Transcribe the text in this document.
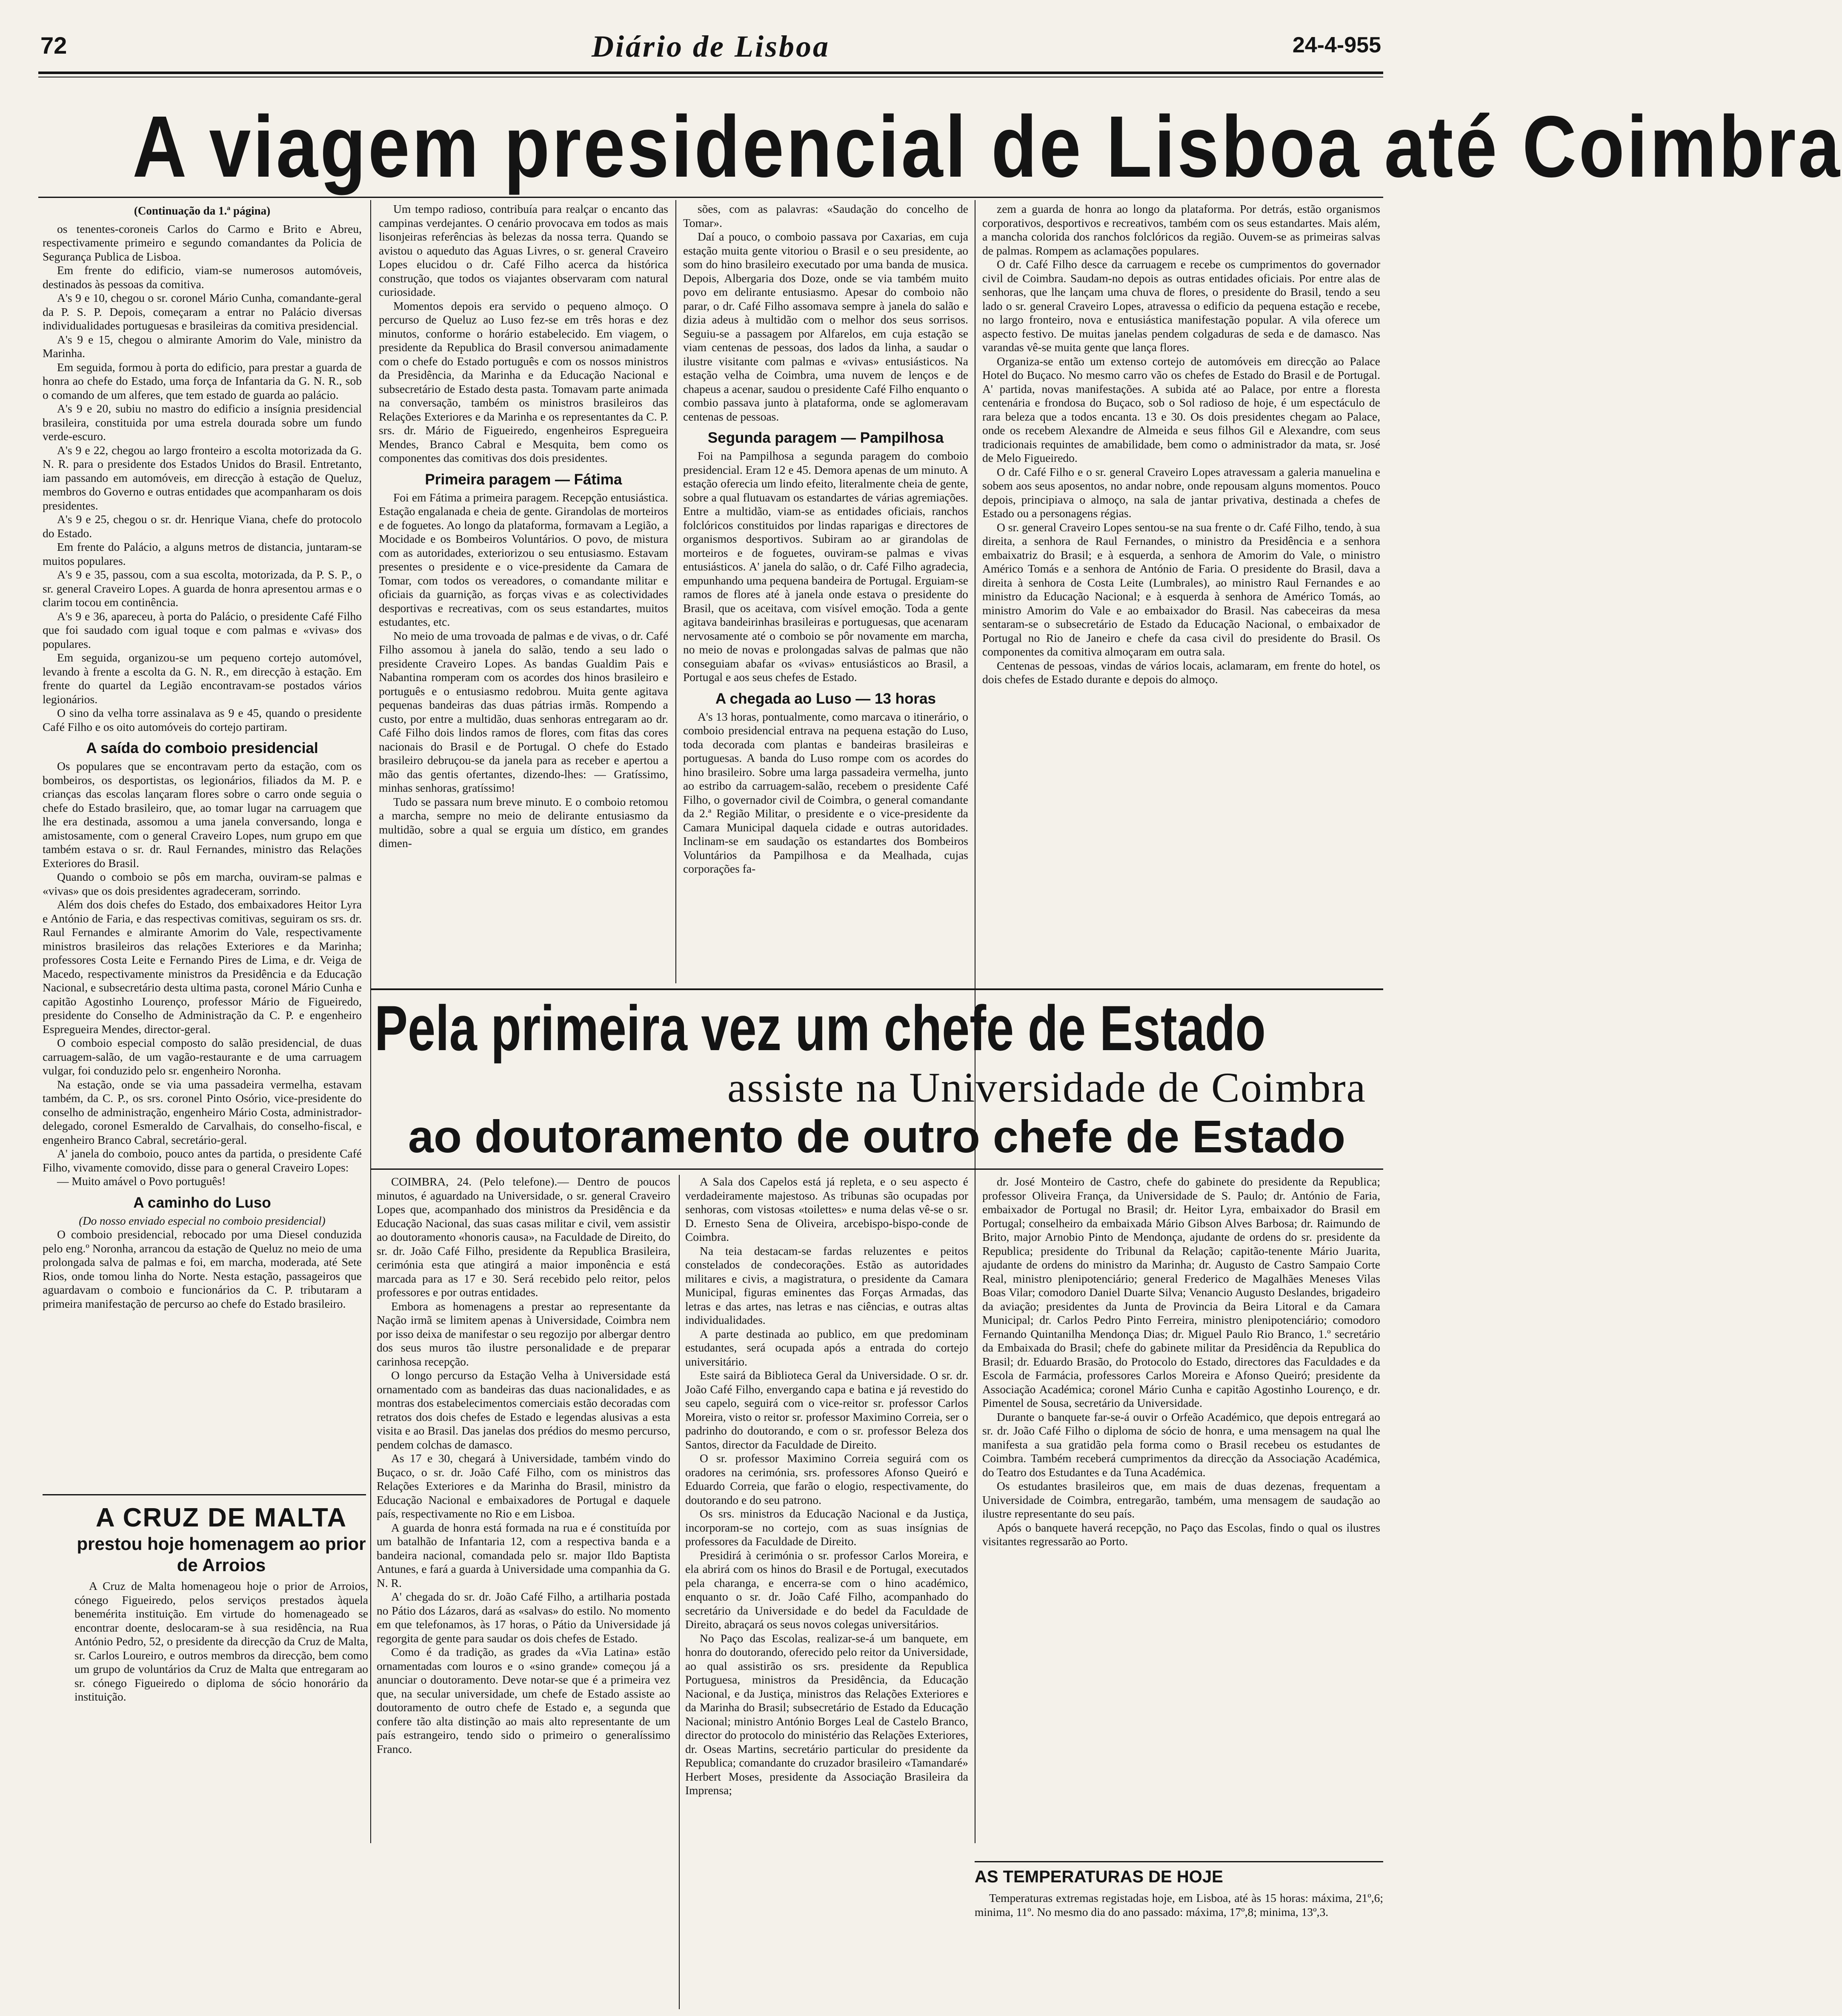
72	Diário de Lisboa	24-4-955
A viagem presidencial de Lisboa até Coimbra

(Continuação da 1.ª página)

os tenentes-coroneis Carlos do Carmo e Brito e Abreu, respectivamente primeiro e segundo comandantes da Policia de Segurança Publica de Lisboa.

Em frente do edificio, viam-se numerosos automóveis, destinados às pessoas da comitiva.

A's 9 e 10, chegou o sr. coronel Mário Cunha, comandante-geral da P. S. P. Depois, começaram a entrar no Palácio diversas individualidades portuguesas e brasileiras da comitiva presidencial.

A's 9 e 15, chegou o almirante Amorim do Vale, ministro da Marinha.

Em seguida, formou à porta do edificio, para prestar a guarda de honra ao chefe do Estado, uma força de Infantaria da G. N. R., sob o comando de um alferes, que tem estado de guarda ao palácio.

A's 9 e 20, subiu no mastro do edificio a insígnia presidencial brasileira, constituida por uma estrela dourada sobre um fundo verde-escuro.

A's 9 e 22, chegou ao largo fronteiro a escolta motorizada da G. N. R. para o presidente dos Estados Unidos do Brasil. Entretanto, iam passando em automóveis, em direcção à estação de Queluz, membros do Governo e outras entidades que acompanharam os dois presidentes.

A's 9 e 25, chegou o sr. dr. Henrique Viana, chefe do protocolo do Estado.

Em frente do Palácio, a alguns metros de distancia, juntaram-se muitos populares.

A's 9 e 35, passou, com a sua escolta, motorizada, da P. S. P., o sr. general Craveiro Lopes. A guarda de honra apresentou armas e o clarim tocou em continência.

A's 9 e 36, apareceu, à porta do Palácio, o presidente Café Filho que foi saudado com igual toque e com palmas e «vivas» dos populares.

Em seguida, organizou-se um pequeno cortejo automóvel, levando à frente a escolta da G. N. R., em direcção à estação. Em frente do quartel da Legião encontravam-se postados vários legionários.

O sino da velha torre assinalava as 9 e 45, quando o presidente Café Filho e os oito automóveis do cortejo partiram.

A saída do comboio presidencial

Os populares que se encontravam perto da estação, com os bombeiros, os desportistas, os legionários, filiados da M. P. e crianças das escolas lançaram flores sobre o carro onde seguia o chefe do Estado brasileiro, que, ao tomar lugar na carruagem que lhe era destinada, assomou a uma janela conversando, longa e amistosamente, com o general Craveiro Lopes, num grupo em que também estava o sr. dr. Raul Fernandes, ministro das Relações Exteriores do Brasil.

Quando o comboio se pôs em marcha, ouviram-se palmas e «vivas» que os dois presidentes agradeceram, sorrindo.

Além dos dois chefes do Estado, dos embaixadores Heitor Lyra e António de Faria, e das respectivas comitivas, seguiram os srs. dr. Raul Fernandes e almirante Amorim do Vale, respectivamente ministros brasileiros das relações Exteriores e da Marinha; professores Costa Leite e Fernando Pires de Lima, e dr. Veiga de Macedo, respectivamente ministros da Presidência e da Educação Nacional, e subsecretário desta ultima pasta, coronel Mário Cunha e capitão Agostinho Lourenço, professor Mário de Figueiredo, presidente do Conselho de Administração da C. P. e engenheiro Espregueira Mendes, director-geral.

O comboio especial composto do salão presidencial, de duas carruagem-salão, de um vagão-restaurante e de uma carruagem vulgar, foi conduzido pelo sr. engenheiro Noronha.

Na estação, onde se via uma passadeira vermelha, estavam também, da C. P., os srs. coronel Pinto Osório, vice-presidente do conselho de administração, engenheiro Mário Costa, administrador-delegado, coronel Esmeraldo de Carvalhais, do conselho-fiscal, e engenheiro Branco Cabral, secretário-geral.

A' janela do comboio, pouco antes da partida, o presidente Café Filho, vivamente comovido, disse para o general Craveiro Lopes:

— Muito amável o Povo português!

A caminho do Luso

(Do nosso enviado especial no comboio presidencial)

O comboio presidencial, rebocado por uma Diesel conduzida pelo eng.º Noronha, arrancou da estação de Queluz no meio de uma prolongada salva de palmas e foi, em marcha, moderada, até Sete Rios, onde tomou linha do Norte. Nesta estação, passageiros que aguardavam o comboio e funcionários da C. P. tributaram a primeira manifestação de percurso ao chefe do Estado brasileiro.

A CRUZ DE MALTA
prestou hoje homenagem ao prior de Arroios

A Cruz de Malta homenageou hoje o prior de Arroios, cónego Figueiredo, pelos serviços prestados àquela benemérita instituição. Em virtude do homenageado se encontrar doente, deslocaram-se à sua residência, na Rua António Pedro, 52, o presidente da direcção da Cruz de Malta, sr. Carlos Loureiro, e outros membros da direcção, bem como um grupo de voluntários da Cruz de Malta que entregaram ao sr. cónego Figueiredo o diploma de sócio honorário da instituição.

Um tempo radioso, contribuía para realçar o encanto das campinas verdejantes. O cenário provocava em todos as mais lisonjeiras referências às belezas da nossa terra. Quando se avistou o aqueduto das Aguas Livres, o sr. general Craveiro Lopes elucidou o dr. Café Filho acerca da histórica construção, que todos os viajantes observaram com natural curiosidade.

Momentos depois era servido o pequeno almoço. O percurso de Queluz ao Luso fez-se em três horas e dez minutos, conforme o horário estabelecido. Em viagem, o presidente da Republica do Brasil conversou animadamente com o chefe do Estado português e com os nossos ministros da Presidência, da Marinha e da Educação Nacional e subsecretário de Estado desta pasta. Tomavam parte animada na conversação, também os ministros brasileiros das Relações Exteriores e da Marinha e os representantes da C. P. srs. dr. Mário de Figueiredo, engenheiros Espregueira Mendes, Branco Cabral e Mesquita, bem como os componentes das comitivas dos dois presidentes.

Primeira paragem — Fátima

Foi em Fátima a primeira paragem. Recepção entusiástica. Estação engalanada e cheia de gente. Girandolas de morteiros e de foguetes. Ao longo da plataforma, formavam a Legião, a Mocidade e os Bombeiros Voluntários. O povo, de mistura com as autoridades, exteriorizou o seu entusiasmo. Estavam presentes o presidente e o vice-presidente da Camara de Tomar, com todos os vereadores, o comandante militar e oficiais da guarnição, as forças vivas e as colectividades desportivas e recreativas, com os seus estandartes, muitos estudantes, etc.

No meio de uma trovoada de palmas e de vivas, o dr. Café Filho assomou à janela do salão, tendo a seu lado o presidente Craveiro Lopes. As bandas Gualdim Pais e Nabantina romperam com os acordes dos hinos brasileiro e português e o entusiasmo redobrou. Muita gente agitava pequenas bandeiras das duas pátrias irmãs. Rompendo a custo, por entre a multidão, duas senhoras entregaram ao dr. Café Filho dois lindos ramos de flores, com fitas das cores nacionais do Brasil e de Portugal. O chefe do Estado brasileiro debruçou-se da janela para as receber e apertou a mão das gentis ofertantes, dizendo-lhes: — Gratíssimo, minhas senhoras, gratíssimo!

Tudo se passara num breve minuto. E o comboio retomou a marcha, sempre no meio de delirante entusiasmo da multidão, sobre a qual se erguia um dístico, em grandes dimen-

sões, com as palavras: «Saudação do concelho de Tomar».

Daí a pouco, o comboio passava por Caxarias, em cuja estação muita gente vitoriou o Brasil e o seu presidente, ao som do hino brasileiro executado por uma banda de musica. Depois, Albergaria dos Doze, onde se via também muito povo em delirante entusiasmo. Apesar do comboio não parar, o dr. Café Filho assomava sempre à janela do salão e dizia adeus à multidão com o melhor dos seus sorrisos. Seguiu-se a passagem por Alfarelos, em cuja estação se viam centenas de pessoas, dos lados da linha, a saudar o ilustre visitante com palmas e «vivas» entusiásticos. Na estação velha de Coimbra, uma nuvem de lenços e de chapeus a acenar, saudou o presidente Café Filho enquanto o combio passava junto à plataforma, onde se aglomeravam centenas de pessoas.

Segunda paragem — Pampilhosa

Foi na Pampilhosa a segunda paragem do comboio presidencial. Eram 12 e 45. Demora apenas de um minuto. A estação oferecia um lindo efeito, literalmente cheia de gente, sobre a qual flutuavam os estandartes de várias agremiações. Entre a multidão, viam-se as entidades oficiais, ranchos folclóricos constituidos por lindas raparigas e directores de organismos desportivos. Subiram ao ar girandolas de morteiros e de foguetes, ouviram-se palmas e vivas entusiásticos. A' janela do salão, o dr. Café Filho agradecia, empunhando uma pequena bandeira de Portugal. Erguiam-se ramos de flores até à janela onde estava o presidente do Brasil, que os aceitava, com visível emoção. Toda a gente agitava bandeirinhas brasileiras e portuguesas, que acenaram nervosamente até o comboio se pôr novamente em marcha, no meio de novas e prolongadas salvas de palmas que não conseguiam abafar os «vivas» entusiásticos ao Brasil, a Portugal e aos seus chefes de Estado.

A chegada ao Luso — 13 horas

A's 13 horas, pontualmente, como marcava o itinerário, o comboio presidencial entrava na pequena estação do Luso, toda decorada com plantas e bandeiras brasileiras e portuguesas. A banda do Luso rompe com os acordes do hino brasileiro. Sobre uma larga passadeira vermelha, junto ao estribo da carruagem-salão, recebem o presidente Café Filho, o governador civil de Coimbra, o general comandante da 2.ª Região Militar, o presidente e o vice-presidente da Camara Municipal daquela cidade e outras autoridades. Inclinam-se em saudação os estandartes dos Bombeiros Voluntários da Pampilhosa e da Mealhada, cujas corporações fa-

zem a guarda de honra ao longo da plataforma. Por detrás, estão organismos corporativos, desportivos e recreativos, também com os seus estandartes. Mais além, a mancha colorida dos ranchos folclóricos da região. Ouvem-se as primeiras salvas de palmas. Rompem as aclamações populares.

O dr. Café Filho desce da carruagem e recebe os cumprimentos do governador civil de Coimbra. Saudam-no depois as outras entidades oficiais. Por entre alas de senhoras, que lhe lançam uma chuva de flores, o presidente do Brasil, tendo a seu lado o sr. general Craveiro Lopes, atravessa o edificio da pequena estação e recebe, no largo fronteiro, nova e entusiástica manifestação popular. A vila oferece um aspecto festivo. De muitas janelas pendem colgaduras de seda e de damasco. Nas varandas vê-se muita gente que lança flores.

Organiza-se então um extenso cortejo de automóveis em direcção ao Palace Hotel do Buçaco. No mesmo carro vão os chefes de Estado do Brasil e de Portugal. A' partida, novas manifestações. A subida até ao Palace, por entre a floresta centenária e frondosa do Buçaco, sob o Sol radioso de hoje, é um espectáculo de rara beleza que a todos encanta. 13 e 30. Os dois presidentes chegam ao Palace, onde os recebem Alexandre de Almeida e seus filhos Gil e Alexandre, com seus tradicionais requintes de amabilidade, bem como o administrador da mata, sr. José de Melo Figueiredo.

O dr. Café Filho e o sr. general Craveiro Lopes atravessam a galeria manuelina e sobem aos seus aposentos, no andar nobre, onde repousam alguns momentos. Pouco depois, principiava o almoço, na sala de jantar privativa, destinada a chefes de Estado ou a personagens régias.

O sr. general Craveiro Lopes sentou-se na sua frente o dr. Café Filho, tendo, à sua direita, a senhora de Raul Fernandes, o ministro da Presidência e a senhora embaixatriz do Brasil; e à esquerda, a senhora de Amorim do Vale, o ministro Américo Tomás e a senhora de António de Faria. O presidente do Brasil, dava a direita à senhora de Costa Leite (Lumbrales), ao ministro Raul Fernandes e ao ministro da Educação Nacional; e à esquerda à senhora de Américo Tomás, ao ministro Amorim do Vale e ao embaixador do Brasil. Nas cabeceiras da mesa sentaram-se o subsecretário de Estado da Educação Nacional, o embaixador de Portugal no Rio de Janeiro e chefe da casa civil do presidente do Brasil. Os componentes da comitiva almoçaram em outra sala.

Centenas de pessoas, vindas de vários locais, aclamaram, em frente do hotel, os dois chefes de Estado durante e depois do almoço.

Pela primeira vez um chefe de Estado
assiste na Universidade de Coimbra
ao doutoramento de outro chefe de Estado

COIMBRA, 24. (Pelo telefone).— Dentro de poucos minutos, é aguardado na Universidade, o sr. general Craveiro Lopes que, acompanhado dos ministros da Presidência e da Educação Nacional, das suas casas militar e civil, vem assistir ao doutoramento «honoris causa», na Faculdade de Direito, do sr. dr. João Café Filho, presidente da Republica Brasileira, cerimónia esta que atingirá a maior imponência e está marcada para as 17 e 30. Será recebido pelo reitor, pelos professores e por outras entidades.

Embora as homenagens a prestar ao representante da Nação irmã se limitem apenas à Universidade, Coimbra nem por isso deixa de manifestar o seu regozijo por albergar dentro dos seus muros tão ilustre personalidade e de preparar carinhosa recepção.

O longo percurso da Estação Velha à Universidade está ornamentado com as bandeiras das duas nacionalidades, e as montras dos estabelecimentos comerciais estão decoradas com retratos dos dois chefes de Estado e legendas alusivas a esta visita e ao Brasil. Das janelas dos prédios do mesmo percurso, pendem colchas de damasco.

As 17 e 30, chegará à Universidade, também vindo do Buçaco, o sr. dr. João Café Filho, com os ministros das Relações Exteriores e da Marinha do Brasil, ministro da Educação Nacional e embaixadores de Portugal e daquele país, respectivamente no Rio e em Lisboa.

A guarda de honra está formada na rua e é constituída por um batalhão de Infantaria 12, com a respectiva banda e a bandeira nacional, comandada pelo sr. major Ildo Baptista Antunes, e fará a guarda à Universidade uma companhia da G. N. R.

A' chegada do sr. dr. João Café Filho, a artilharia postada no Pátio dos Lázaros, dará as «salvas» do estilo. No momento em que telefonamos, às 17 horas, o Pátio da Universidade já regorgita de gente para saudar os dois chefes de Estado.

Como é da tradição, as grades da «Via Latina» estão ornamentadas com louros e o «sino grande» começou já a anunciar o doutoramento. Deve notar-se que é a primeira vez que, na secular universidade, um chefe de Estado assiste ao doutoramento de outro chefe de Estado e, a segunda que confere tão alta distinção ao mais alto representante de um país estrangeiro, tendo sido o primeiro o generalíssimo Franco.

A Sala dos Capelos está já repleta, e o seu aspecto é verdadeiramente majestoso. As tribunas são ocupadas por senhoras, com vistosas «toilettes» e numa delas vê-se o sr. D. Ernesto Sena de Oliveira, arcebispo-bispo-conde de Coimbra.

Na teia destacam-se fardas reluzentes e peitos constelados de condecorações. Estão as autoridades militares e civis, a magistratura, o presidente da Camara Municipal, figuras eminentes das Forças Armadas, das letras e das artes, nas letras e nas ciências, e outras altas individualidades.

A parte destinada ao publico, em que predominam estudantes, será ocupada após a entrada do cortejo universitário.

Este sairá da Biblioteca Geral da Universidade. O sr. dr. João Café Filho, envergando capa e batina e já revestido do seu capelo, seguirá com o vice-reitor sr. professor Carlos Moreira, visto o reitor sr. professor Maximino Correia, ser o padrinho do doutorando, e com o sr. professor Beleza dos Santos, director da Faculdade de Direito.

O sr. professor Maximino Correia seguirá com os oradores na cerimónia, srs. professores Afonso Queiró e Eduardo Correia, que farão o elogio, respectivamente, do doutorando e do seu patrono.

Os srs. ministros da Educação Nacional e da Justiça, incorporam-se no cortejo, com as suas insígnias de professores da Faculdade de Direito.

Presidirá à cerimónia o sr. professor Carlos Moreira, e ela abrirá com os hinos do Brasil e de Portugal, executados pela charanga, e encerra-se com o hino académico, enquanto o sr. dr. João Café Filho, acompanhado do secretário da Universidade e do bedel da Faculdade de Direito, abraçará os seus novos colegas universitários.

No Paço das Escolas, realizar-se-á um banquete, em honra do doutorando, oferecido pelo reitor da Universidade, ao qual assistirão os srs. presidente da Republica Portuguesa, ministros da Presidência, da Educação Nacional, e da Justiça, ministros das Relações Exteriores e da Marinha do Brasil; subsecretário de Estado da Educação Nacional; ministro António Borges Leal de Castelo Branco, director do protocolo do ministério das Relações Exteriores, dr. Oseas Martins, secretário particular do presidente da Republica; comandante do cruzador brasileiro «Tamandaré» Herbert Moses, presidente da Associação Brasileira da Imprensa;

dr. José Monteiro de Castro, chefe do gabinete do presidente da Republica; professor Oliveira França, da Universidade de S. Paulo; dr. António de Faria, embaixador de Portugal no Brasil; dr. Heitor Lyra, embaixador do Brasil em Portugal; conselheiro da embaixada Mário Gibson Alves Barbosa; dr. Raimundo de Brito, major Arnobio Pinto de Mendonça, ajudante de ordens do sr. presidente da Republica; presidente do Tribunal da Relação; capitão-tenente Mário Juarita, ajudante de ordens do ministro da Marinha; dr. Augusto de Castro Sampaio Corte Real, ministro plenipotenciário; general Frederico de Magalhães Meneses Vilas Boas Vilar; comodoro Daniel Duarte Silva; Venancio Augusto Deslandes, brigadeiro da aviação; presidentes da Junta de Provincia da Beira Litoral e da Camara Municipal; dr. Carlos Pedro Pinto Ferreira, ministro plenipotenciário; comodoro Fernando Quintanilha Mendonça Dias; dr. Miguel Paulo Rio Branco, 1.º secretário da Embaixada do Brasil; chefe do gabinete militar da Presidência da Republica do Brasil; dr. Eduardo Brasão, do Protocolo do Estado, directores das Faculdades e da Escola de Farmácia, professores Carlos Moreira e Afonso Queiró; presidente da Associação Académica; coronel Mário Cunha e capitão Agostinho Lourenço, e dr. Pimentel de Sousa, secretário da Universidade.

Durante o banquete far-se-á ouvir o Orfeão Académico, que depois entregará ao sr. dr. João Café Filho o diploma de sócio de honra, e uma mensagem na qual lhe manifesta a sua gratidão pela forma como o Brasil recebeu os estudantes de Coimbra. Também receberá cumprimentos da direcção da Associação Académica, do Teatro dos Estudantes e da Tuna Académica.

Os estudantes brasileiros que, em mais de duas dezenas, frequentam a Universidade de Coimbra, entregarão, também, uma mensagem de saudação ao ilustre representante do seu país.

Após o banquete haverá recepção, no Paço das Escolas, findo o qual os ilustres visitantes regressarão ao Porto.

AS TEMPERATURAS DE HOJE

Temperaturas extremas registadas hoje, em Lisboa, até às 15 horas: máxima, 21º,6; minima, 11º. No mesmo dia do ano passado: máxima, 17º,8; minima, 13º,3.
